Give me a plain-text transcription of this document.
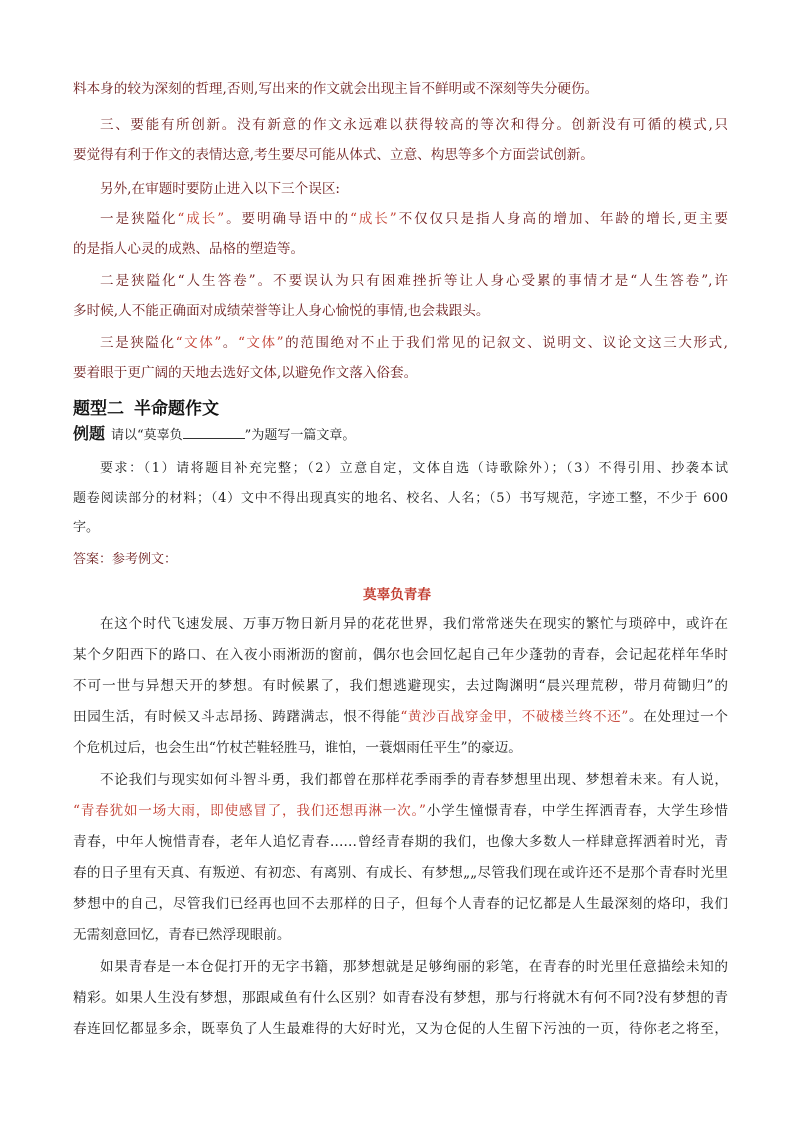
料本身的较为深刻的哲理,否则,写出来的作文就会出现主旨不鲜明或不深刻等失分硬伤。
三、要能有所创新。没有新意的作文永远难以获得较高的等次和得分。创新没有可循的模式,只
要觉得有利于作文的表情达意,考生要尽可能从体式、立意、构思等多个方面尝试创新。
另外,在审题时要防止进入以下三个误区:
一是狭隘化“成长”。要明确导语中的“成长”不仅仅只是指人身高的增加、年龄的增长,更主要
的是指人心灵的成熟、品格的塑造等。
二是狭隘化“人生答卷”。不要误认为只有困难挫折等让人身心受累的事情才是“人生答卷”,许
多时候,人不能正确面对成绩荣誉等让人身心愉悦的事情,也会栽跟头。
三是狭隘化“文体”。“文体”的范围绝对不止于我们常见的记叙文、说明文、议论文这三大形式,
要着眼于更广阔的天地去选好文体,以避免作文落入俗套。
题型二 半命题作文
例题 请以“莫辜负	”为题写一篇文章。
要求：（1）请将题目补充完整；（2）立意自定，文体自选（诗歌除外）；（3）不得引用、抄袭本试
题卷阅读部分的材料；（4）文中不得出现真实的地名、校名、人名；（5）书写规范，字迹工整，不少于 600
字。
答案：参考例文：
莫辜负青春
在这个时代飞速发展、万事万物日新月异的花花世界，我们常常迷失在现实的繁忙与琐碎中，或许在
某个夕阳西下的路口、在入夜小雨淅沥的窗前，偶尔也会回忆起自己年少蓬勃的青春，会记起花样年华时
不可一世与异想天开的梦想。有时候累了，我们想逃避现实，去过陶渊明“晨兴理荒秽，带月荷锄归”的
田园生活，有时候又斗志昂扬、踌躇满志，恨不得能“黄沙百战穿金甲，不破楼兰终不还”。在处理过一个
个危机过后，也会生出“竹杖芒鞋轻胜马，谁怕，一蓑烟雨任平生”的豪迈。
不论我们与现实如何斗智斗勇，我们都曾在那样花季雨季的青春梦想里出现、梦想着未来。有人说，
“青春犹如一场大雨，即使感冒了，我们还想再淋一次。”小学生憧憬青春，中学生挥洒青春，大学生珍惜
青春，中年人惋惜青春，老年人追忆青春……曾经青春期的我们，也像大多数人一样肆意挥洒着时光，青
春的日子里有天真、有叛逆、有初恋、有离别、有成长、有梦想„„尽管我们现在或许还不是那个青春时光里
梦想中的自己，尽管我们已经再也回不去那样的日子，但每个人青春的记忆都是人生最深刻的烙印，我们
无需刻意回忆，青春已然浮现眼前。
如果青春是一本仓促打开的无字书籍，那梦想就是足够绚丽的彩笔，在青春的时光里任意描绘未知的
精彩。如果人生没有梦想，那跟咸鱼有什么区别？如青春没有梦想，那与行将就木有何不同?没有梦想的青
春连回忆都显多余，既辜负了人生最难得的大好时光，又为仓促的人生留下污浊的一页，待你老之将至，
